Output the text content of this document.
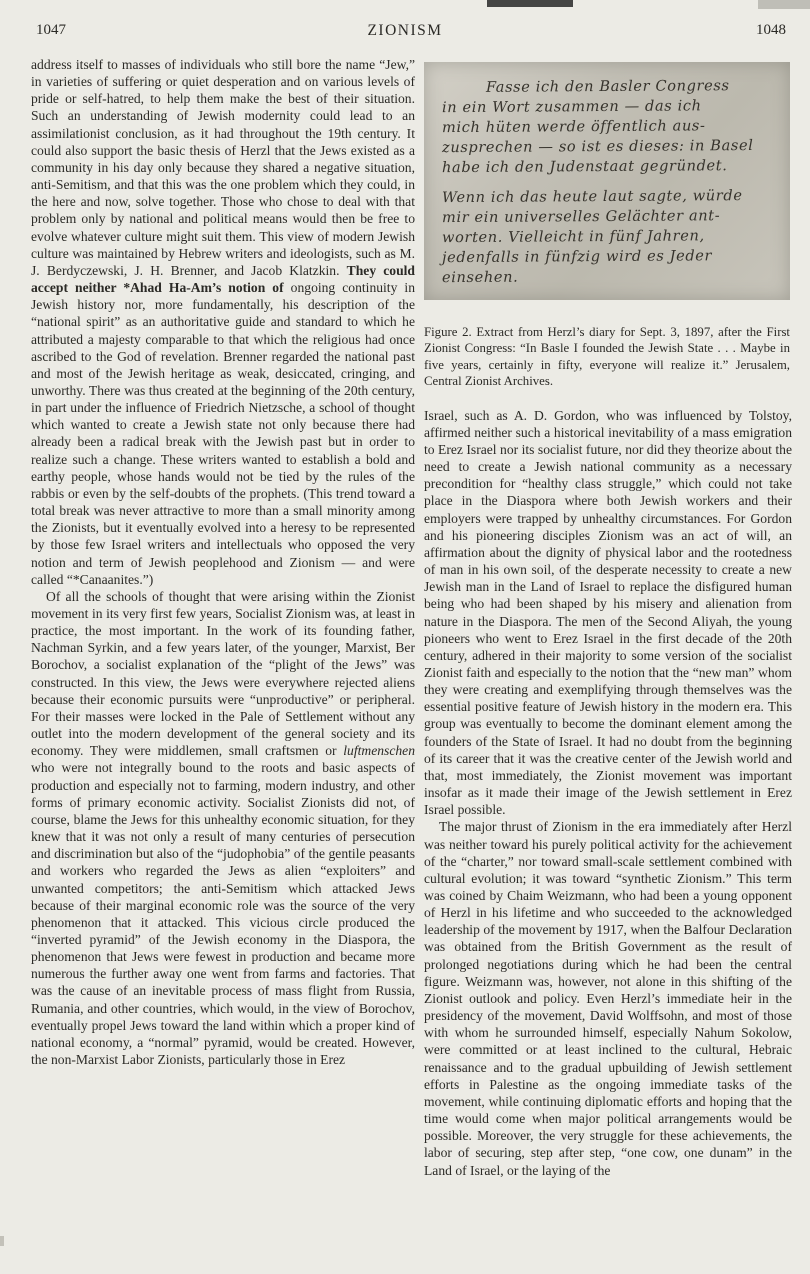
1047	ZIONISM	1048

address itself to masses of individuals who still bore the name “Jew,” in varieties of suffering or quiet desperation and on various levels of pride or self-hatred, to help them make the best of their situation. Such an understanding of Jewish modernity could lead to an assimilationist conclusion, as it had throughout the 19th century. It could also support the basic thesis of Herzl that the Jews existed as a community in his day only because they shared a negative situation, anti-Semitism, and that this was the one problem which they could, in the here and now, solve together. Those who chose to deal with that problem only by national and political means would then be free to evolve whatever culture might suit them. This view of modern Jewish culture was maintained by Hebrew writers and ideologists, such as M. J. Berdyczewski, J. H. Brenner, and Jacob Klatzkin. They could accept neither *Ahad Ha-Am’s notion of ongoing continuity in Jewish history nor, more fundamentally, his description of the “national spirit” as an authoritative guide and standard to which he attributed a majesty comparable to that which the religious had once ascribed to the God of revelation. Brenner regarded the national past and most of the Jewish heritage as weak, desiccated, cringing, and unworthy. There was thus created at the beginning of the 20th century, in part under the influence of Friedrich Nietzsche, a school of thought which wanted to create a Jewish state not only because there had already been a radical break with the Jewish past but in order to realize such a change. These writers wanted to establish a bold and earthy people, whose hands would not be tied by the rules of the rabbis or even by the self-doubts of the prophets. (This trend toward a total break was never attractive to more than a small minority among the Zionists, but it eventually evolved into a heresy to be represented by those few Israel writers and intellectuals who opposed the very notion and term of Jewish peoplehood and Zionism — and were called “*Canaanites.”)

Of all the schools of thought that were arising within the Zionist movement in its very first few years, Socialist Zionism was, at least in practice, the most important. In the work of its founding father, Nachman Syrkin, and a few years later, of the younger, Marxist, Ber Borochov, a socialist explanation of the “plight of the Jews” was constructed. In this view, the Jews were everywhere rejected aliens because their economic pursuits were “unproductive” or peripheral. For their masses were locked in the Pale of Settlement without any outlet into the modern development of the general society and its economy. They were middlemen, small craftsmen or luftmenschen who were not integrally bound to the roots and basic aspects of production and especially not to farming, modern industry, and other forms of primary economic activity. Socialist Zionists did not, of course, blame the Jews for this unhealthy economic situation, for they knew that it was not only a result of many centuries of persecution and discrimination but also of the “judophobia” of the gentile peasants and workers who regarded the Jews as alien “exploiters” and unwanted competitors; the anti-Semitism which attacked Jews because of their marginal economic role was the source of the very phenomenon that it attacked. This vicious circle produced the “inverted pyramid” of the Jewish economy in the Diaspora, the phenomenon that Jews were fewest in production and became more numerous the further away one went from farms and factories. That was the cause of an inevitable process of mass flight from Russia, Rumania, and other countries, which would, in the view of Borochov, eventually propel Jews toward the land within which a proper kind of national economy, a “normal” pyramid, would be created. However, the non-Marxist Labor Zionists, particularly those in Erez

Fasse ich den Basler Congress
in ein Wort zusammen — das ich
mich hüten werde öffentlich aus-
zusprechen — so ist es dieses: in Basel
habe ich den Judenstaat gegründet.
Wenn ich das heute laut sagte, würde
mir ein universelles Gelächter ant-
worten. Vielleicht in fünf Jahren,
jedenfalls in fünfzig wird es Jeder
einsehen.

Figure 2. Extract from Herzl’s diary for Sept. 3, 1897, after the First Zionist Congress: “In Basle I founded the Jewish State . . . Maybe in five years, certainly in fifty, everyone will realize it.” Jerusalem, Central Zionist Archives.

Israel, such as A. D. Gordon, who was influenced by Tolstoy, affirmed neither such a historical inevitability of a mass emigration to Erez Israel nor its socialist future, nor did they theorize about the need to create a Jewish national community as a necessary precondition for “healthy class struggle,” which could not take place in the Diaspora where both Jewish workers and their employers were trapped by unhealthy circumstances. For Gordon and his pioneering disciples Zionism was an act of will, an affirmation about the dignity of physical labor and the rootedness of man in his own soil, of the desperate necessity to create a new Jewish man in the Land of Israel to replace the disfigured human being who had been shaped by his misery and alienation from nature in the Diaspora. The men of the Second Aliyah, the young pioneers who went to Erez Israel in the first decade of the 20th century, adhered in their majority to some version of the socialist Zionist faith and especially to the notion that the “new man” whom they were creating and exemplifying through themselves was the essential positive feature of Jewish history in the modern era. This group was eventually to become the dominant element among the founders of the State of Israel. It had no doubt from the beginning of its career that it was the creative center of the Jewish world and that, most immediately, the Zionist movement was important insofar as it made their image of the Jewish settlement in Erez Israel possible.

The major thrust of Zionism in the era immediately after Herzl was neither toward his purely political activity for the achievement of the “charter,” nor toward small-scale settlement combined with cultural evolution; it was toward “synthetic Zionism.” This term was coined by Chaim Weizmann, who had been a young opponent of Herzl in his lifetime and who succeeded to the acknowledged leadership of the movement by 1917, when the Balfour Declaration was obtained from the British Government as the result of prolonged negotiations during which he had been the central figure. Weizmann was, however, not alone in this shifting of the Zionist outlook and policy. Even Herzl’s immediate heir in the presidency of the movement, David Wolffsohn, and most of those with whom he surrounded himself, especially Nahum Sokolow, were committed or at least inclined to the cultural, Hebraic renaissance and to the gradual upbuilding of Jewish settlement efforts in Palestine as the ongoing immediate tasks of the movement, while continuing diplomatic efforts and hoping that the time would come when major political arrangements would be possible. Moreover, the very struggle for these achievements, the labor of securing, step after step, “one cow, one dunam” in the Land of Israel, or the laying of the
